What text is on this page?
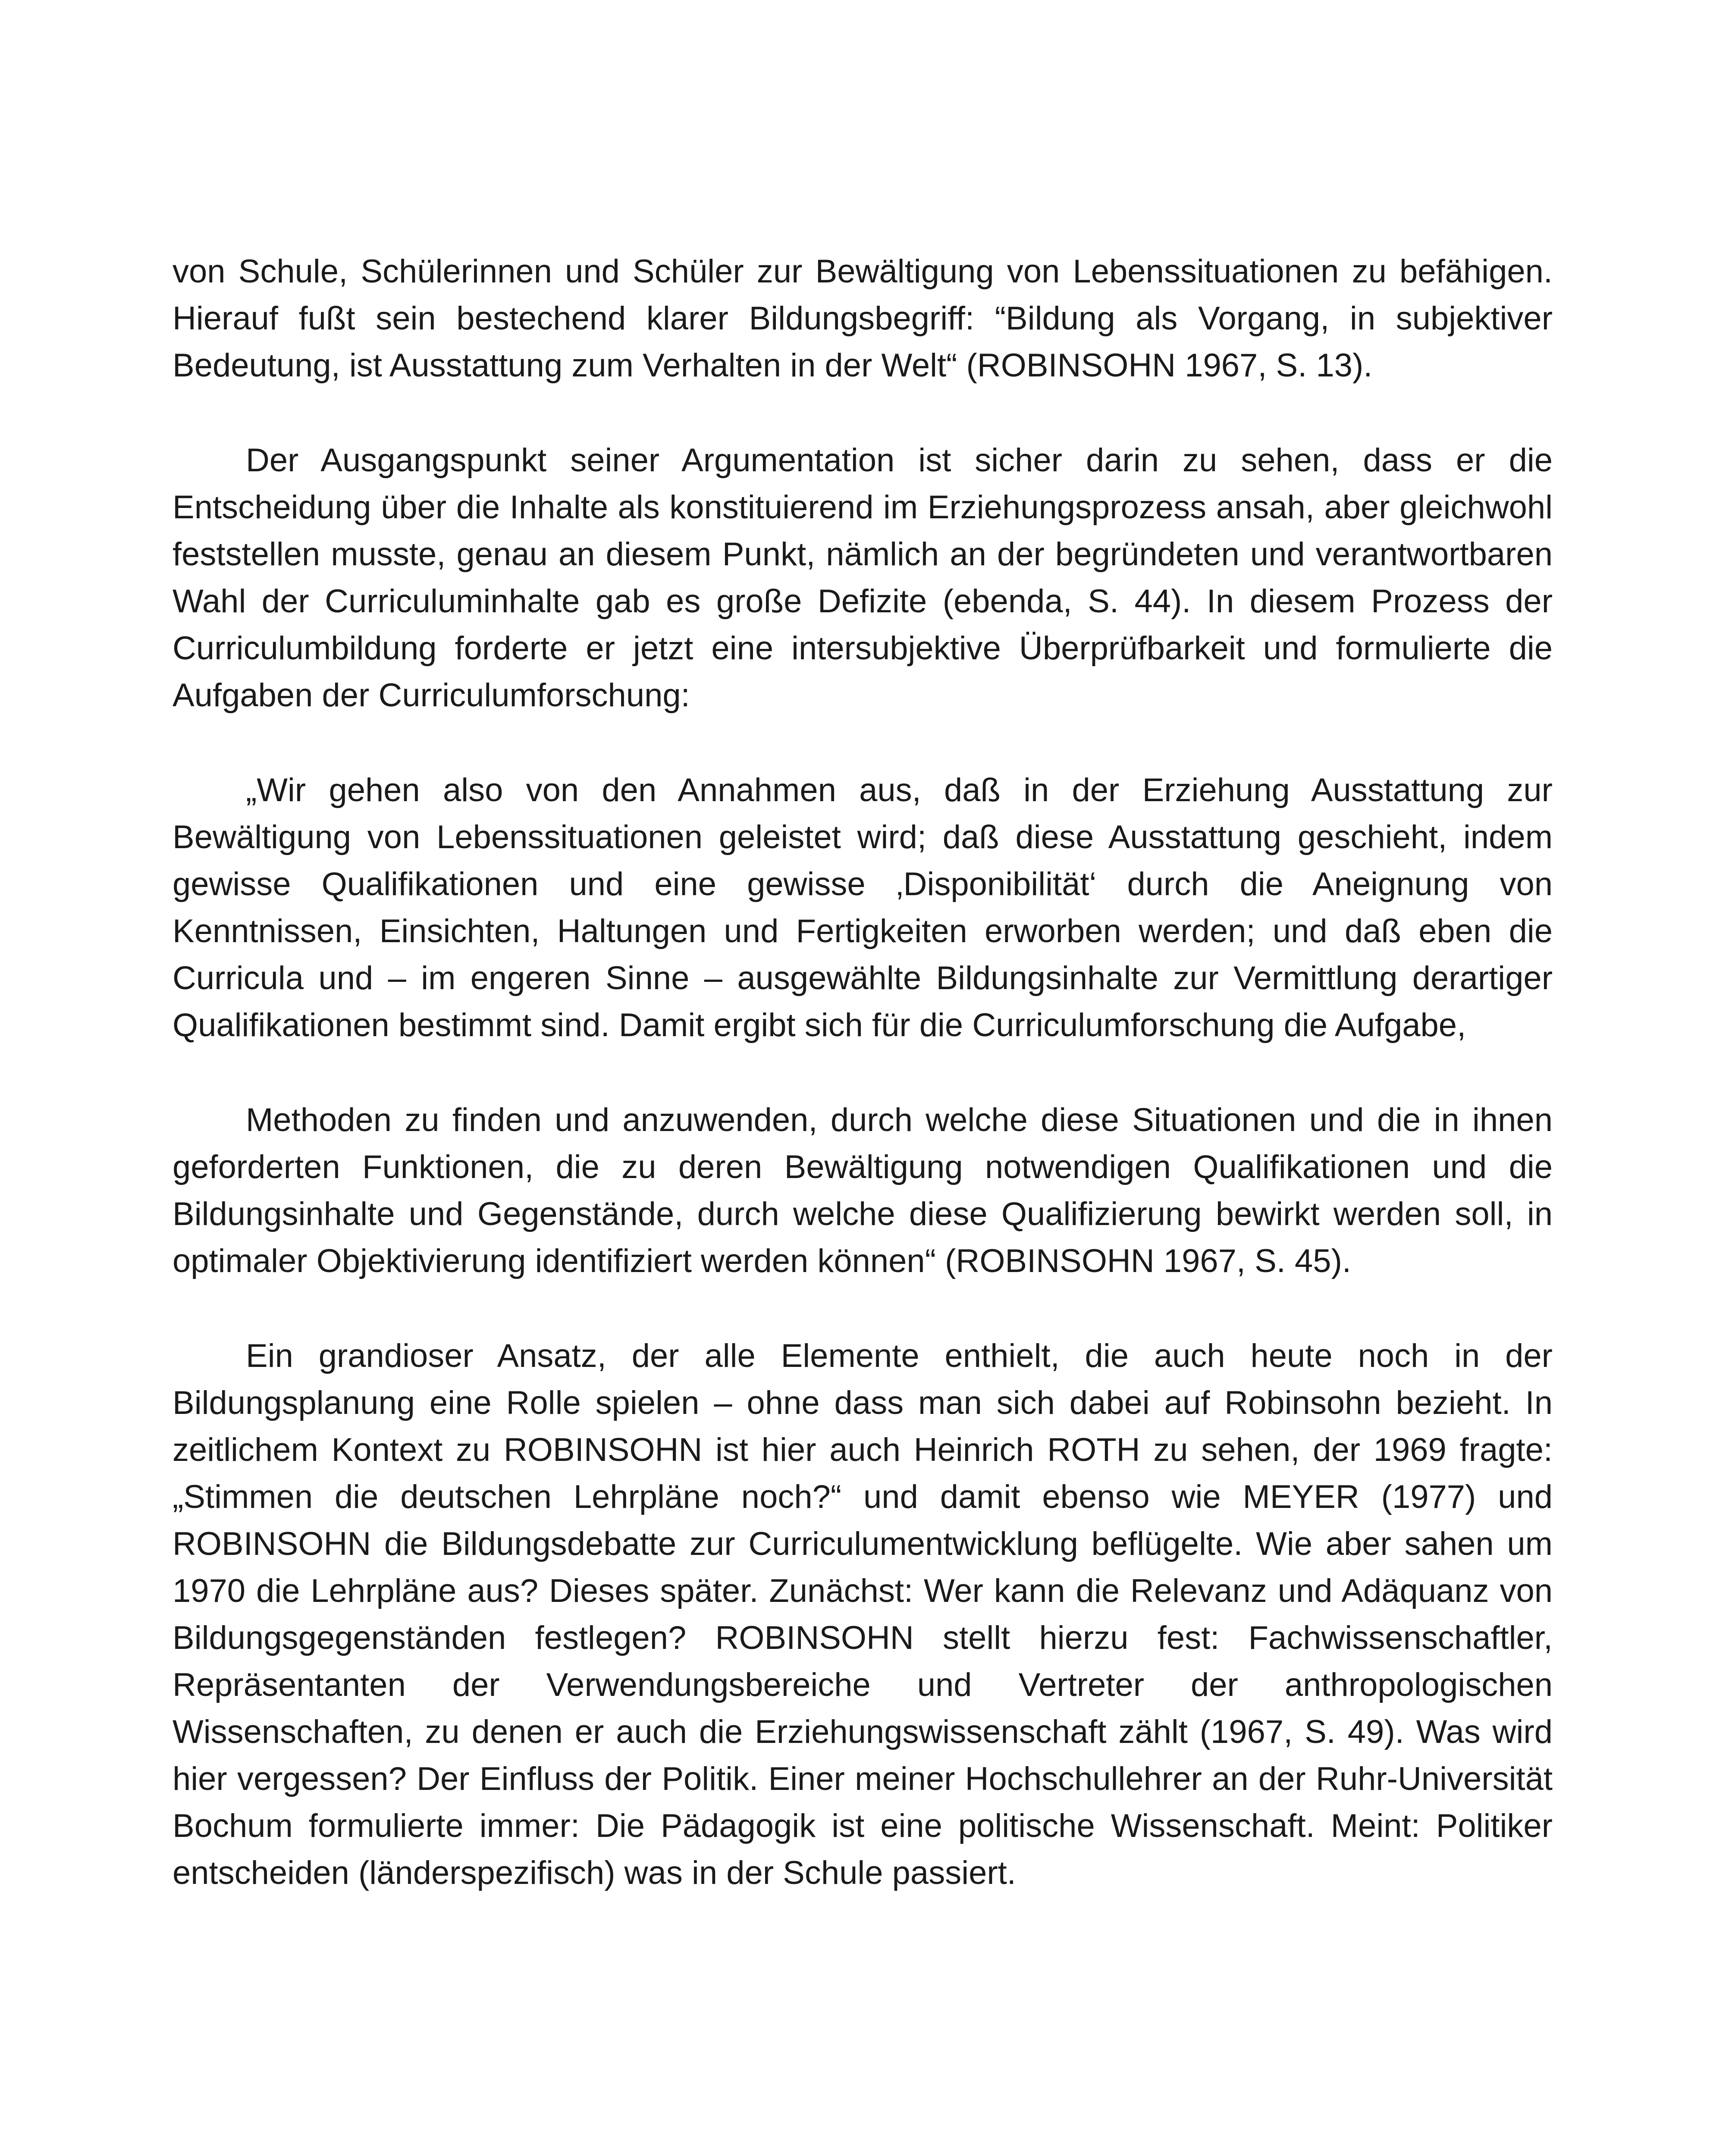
von Schule, Schülerinnen und Schüler zur Bewältigung von Lebenssituationen zu befähigen. Hierauf fußt sein bestechend klarer Bildungsbegriff: “Bildung als Vorgang, in subjektiver Bedeutung, ist Ausstattung zum Verhalten in der Welt“ (ROBINSOHN 1967, S. 13).

Der Ausgangspunkt seiner Argumentation ist sicher darin zu sehen, dass er die Entscheidung über die Inhalte als konstituierend im Erziehungsprozess ansah, aber gleichwohl feststellen musste, genau an diesem Punkt, nämlich an der begründeten und verantwortbaren Wahl der Curriculuminhalte gab es große Defizite (ebenda, S. 44). In diesem Prozess der Curriculumbildung forderte er jetzt eine intersubjektive Überprüfbarkeit und formulierte die Aufgaben der Curriculumforschung:

„Wir gehen also von den Annahmen aus, daß in der Erziehung Ausstattung zur Bewältigung von Lebenssituationen geleistet wird; daß diese Ausstattung geschieht, indem gewisse Qualifikationen und eine gewisse ‚Disponibilität‘ durch die Aneignung von Kenntnissen, Einsichten, Haltungen und Fertigkeiten erworben werden; und daß eben die Curricula und – im engeren Sinne – ausgewählte Bildungsinhalte zur Vermittlung derartiger Qualifikationen bestimmt sind. Damit ergibt sich für die Curriculumforschung die Aufgabe,

Methoden zu finden und anzuwenden, durch welche diese Situationen und die in ihnen geforderten Funktionen, die zu deren Bewältigung notwendigen Qualifikationen und die Bildungsinhalte und Gegenstände, durch welche diese Qualifizierung bewirkt werden soll, in optimaler Objektivierung identifiziert werden können“ (ROBINSOHN 1967, S. 45).

Ein grandioser Ansatz, der alle Elemente enthielt, die auch heute noch in der Bildungsplanung eine Rolle spielen – ohne dass man sich dabei auf Robinsohn bezieht. In zeitlichem Kontext zu ROBINSOHN ist hier auch Heinrich ROTH zu sehen, der 1969 fragte: „Stimmen die deutschen Lehrpläne noch?“ und damit ebenso wie MEYER (1977) und ROBINSOHN die Bildungsdebatte zur Curriculumentwicklung beflügelte. Wie aber sahen um 1970 die Lehrpläne aus? Dieses später. Zunächst: Wer kann die Relevanz und Adäquanz von Bildungsgegenständen festlegen? ROBINSOHN stellt hierzu fest: Fachwissenschaftler, Repräsentanten der Verwendungsbereiche und Vertreter der anthropologischen Wissenschaften, zu denen er auch die Erziehungswissenschaft zählt (1967, S. 49). Was wird hier vergessen? Der Einfluss der Politik. Einer meiner Hochschullehrer an der Ruhr-Universität Bochum formulierte immer: Die Pädagogik ist eine politische Wissenschaft. Meint: Politiker entscheiden (länderspezifisch) was in der Schule passiert.
